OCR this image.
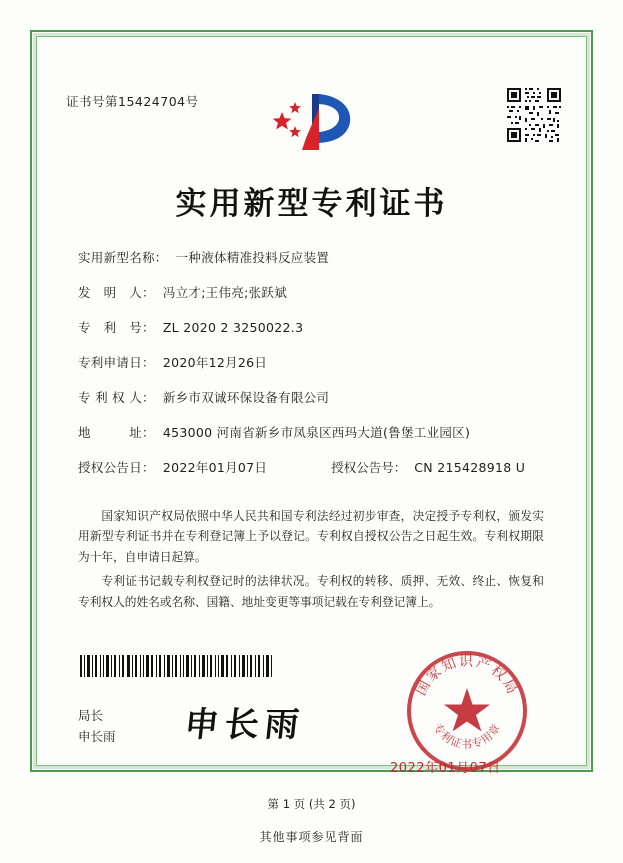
证书号第15424704号
实用新型专利证书
实用新型名称： 一种液体精准投料反应装置
发　明　人： 冯立才;王伟亮;张跃斌
专　利　号： ZL 2020 2 3250022.3
专利申请日： 2020年12月26日
专 利 权 人： 新乡市双诚环保设备有限公司
地　　　址： 453000 河南省新乡市凤泉区西玛大道(鲁堡工业园区)
授权公告日： 2022年01月07日	授权公告号： CN 215428918 U

国家知识产权局依照中华人民共和国专利法经过初步审查，决定授予专利权，颁发实用新型专利证书并在专利登记簿上予以登记。专利权自授权公告之日起生效。专利权期限为十年，自申请日起算。

专利证书记载专利权登记时的法律状况。专利权的转移、质押、无效、终止、恢复和专利权人的姓名或名称、国籍、地址变更等事项记载在专利登记簿上。

局长
申长雨 申长雨
国家知识产权局
专利证书专用章
2022年01月07日
第 1 页 (共 2 页)
其他事项参见背面
